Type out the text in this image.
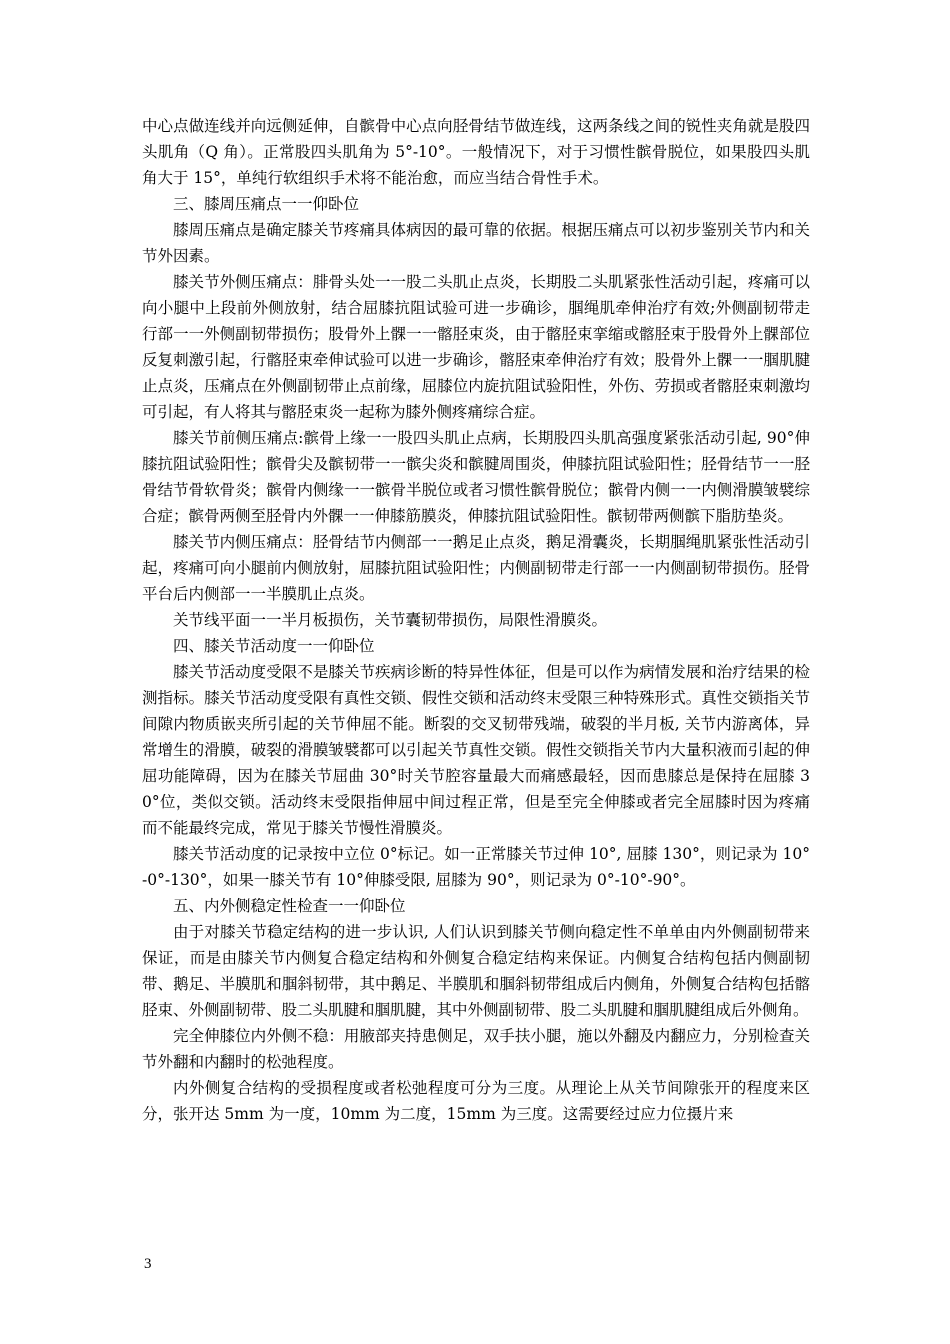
中心点做连线并向远侧延伸，自髌骨中心点向胫骨结节做连线，这两条线之间的锐性夹角就是股四头肌角（Q 角）。正常股四头肌角为 5°-10°。一般情况下，对于习惯性髌骨脱位，如果股四头肌角大于 15°，单纯行软组织手术将不能治愈，而应当结合骨性手术。

三、膝周压痛点一一仰卧位

膝周压痛点是确定膝关节疼痛具体病因的最可靠的依据。根据压痛点可以初步鉴别关节内和关节外因素。

膝关节外侧压痛点：腓骨头处一一股二头肌止点炎，长期股二头肌紧张性活动引起，疼痛可以向小腿中上段前外侧放射，结合屈膝抗阻试验可进一步确诊，腘绳肌牵伸治疗有效;外侧副韧带走行部一一外侧副韧带损伤；股骨外上髁一一髂胫束炎，由于髂胫束挛缩或髂胫束于股骨外上髁部位反复刺激引起，行髂胫束牵伸试验可以进一步确诊，髂胫束牵伸治疗有效；股骨外上髁一一腘肌腱止点炎，压痛点在外侧副韧带止点前缘，屈膝位内旋抗阻试验阳性，外伤、劳损或者髂胫束刺激均可引起，有人将其与髂胫束炎一起称为膝外侧疼痛综合症。

膝关节前侧压痛点:髌骨上缘一一股四头肌止点病，长期股四头肌高强度紧张活动引起, 90°伸膝抗阻试验阳性；髌骨尖及髌韧带一一髌尖炎和髌腱周围炎，伸膝抗阻试验阳性；胫骨结节一一胫骨结节骨软骨炎；髌骨内侧缘一一髌骨半脱位或者习惯性髌骨脱位；髌骨内侧一一内侧滑膜皱襞综合症；髌骨两侧至胫骨内外髁一一伸膝筋膜炎，伸膝抗阻试验阳性。髌韧带两侧髌下脂肪垫炎。

膝关节内侧压痛点：胫骨结节内侧部一一鹅足止点炎，鹅足滑囊炎，长期腘绳肌紧张性活动引起，疼痛可向小腿前内侧放射，屈膝抗阻试验阳性；内侧副韧带走行部一一内侧副韧带损伤。胫骨平台后内侧部一一半膜肌止点炎。

关节线平面一一半月板损伤，关节囊韧带损伤，局限性滑膜炎。

四、膝关节活动度一一仰卧位

膝关节活动度受限不是膝关节疾病诊断的特异性体征，但是可以作为病情发展和治疗结果的检测指标。膝关节活动度受限有真性交锁、假性交锁和活动终末受限三种特殊形式。真性交锁指关节间隙内物质嵌夹所引起的关节伸屈不能。断裂的交叉韧带残端，破裂的半月板, 关节内游离体，异常增生的滑膜，破裂的滑膜皱襞都可以引起关节真性交锁。假性交锁指关节内大量积液而引起的伸屈功能障碍，因为在膝关节屈曲 30°时关节腔容量最大而痛感最轻，因而患膝总是保持在屈膝 30°位，类似交锁。活动终末受限指伸屈中间过程正常，但是至完全伸膝或者完全屈膝时因为疼痛而不能最终完成，常见于膝关节慢性滑膜炎。

膝关节活动度的记录按中立位 0°标记。如一正常膝关节过伸 10°, 屈膝 130°，则记录为 10°-0°-130°，如果一膝关节有 10°伸膝受限, 屈膝为 90°，则记录为 0°-10°-90°。

五、内外侧稳定性检查一一仰卧位

由于对膝关节稳定结构的进一步认识, 人们认识到膝关节侧向稳定性不单单由内外侧副韧带来保证，而是由膝关节内侧复合稳定结构和外侧复合稳定结构来保证。内侧复合结构包括内侧副韧带、鹅足、半膜肌和腘斜韧带，其中鹅足、半膜肌和腘斜韧带组成后内侧角，外侧复合结构包括髂胫束、外侧副韧带、股二头肌腱和腘肌腱，其中外侧副韧带、股二头肌腱和腘肌腱组成后外侧角。

完全伸膝位内外侧不稳：用腋部夹持患侧足，双手扶小腿，施以外翻及内翻应力，分别检查关节外翻和内翻时的松弛程度。

内外侧复合结构的受损程度或者松弛程度可分为三度。从理论上从关节间隙张开的程度来区分，张开达 5mm 为一度，10mm 为二度，15mm 为三度。这需要经过应力位摄片来

3
